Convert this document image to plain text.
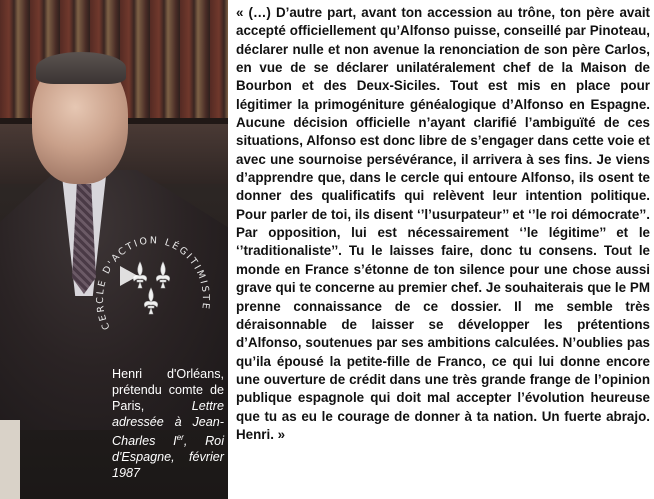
CERCLE D'ACTION LÉGITIMISTE
Henri d'Orléans, prétendu comte de Paris,	Lettre adressée à Jean-Charles Ier, Roi d'Espagne, février 1987
« (…) D’autre part, avant ton accession au trône, ton père avait accepté officiellement qu’Alfonso puisse, conseillé par Pinoteau, déclarer nulle et non avenue la renonciation de son père Carlos, en vue de se déclarer unilatéralement chef de la Maison de Bourbon et des Deux-Siciles. Tout est mis en place pour légitimer la primogéniture généalogique d’Alfonso en Espagne. Aucune décision officielle n’ayant clarifié l’ambiguïté de ces situations, Alfonso est donc libre de s’engager dans cette voie et avec une sournoise persévérance, il arrivera à ses fins. Je viens d’apprendre que, dans le cercle qui entoure Alfonso, ils osent te donner des qualificatifs qui relèvent leur intention politique. Pour parler de toi, ils disent ‘’l’usurpateur’’ et ‘’le roi démocrate’’. Par opposition, lui est nécessairement ‘’le légitime’’ et le ‘’traditionaliste’’. Tu le laisses faire, donc tu consens. Tout le monde en France s’étonne de ton silence pour une chose aussi grave qui te concerne au premier chef. Je souhaiterais que le PM prenne connaissance de ce dossier. Il me semble très déraisonnable de laisser se développer les prétentions d’Alfonso, soutenues par ses ambitions calculées. N’oublies pas qu’ila épousé la petite-fille de Franco, ce qui lui donne encore une ouverture de crédit dans une très grande frange de l’opinion publique espagnole qui doit mal accepter l’évolution heureuse que tu as eu le courage de donner à ta nation. Un fuerte abrajo. Henri. »
